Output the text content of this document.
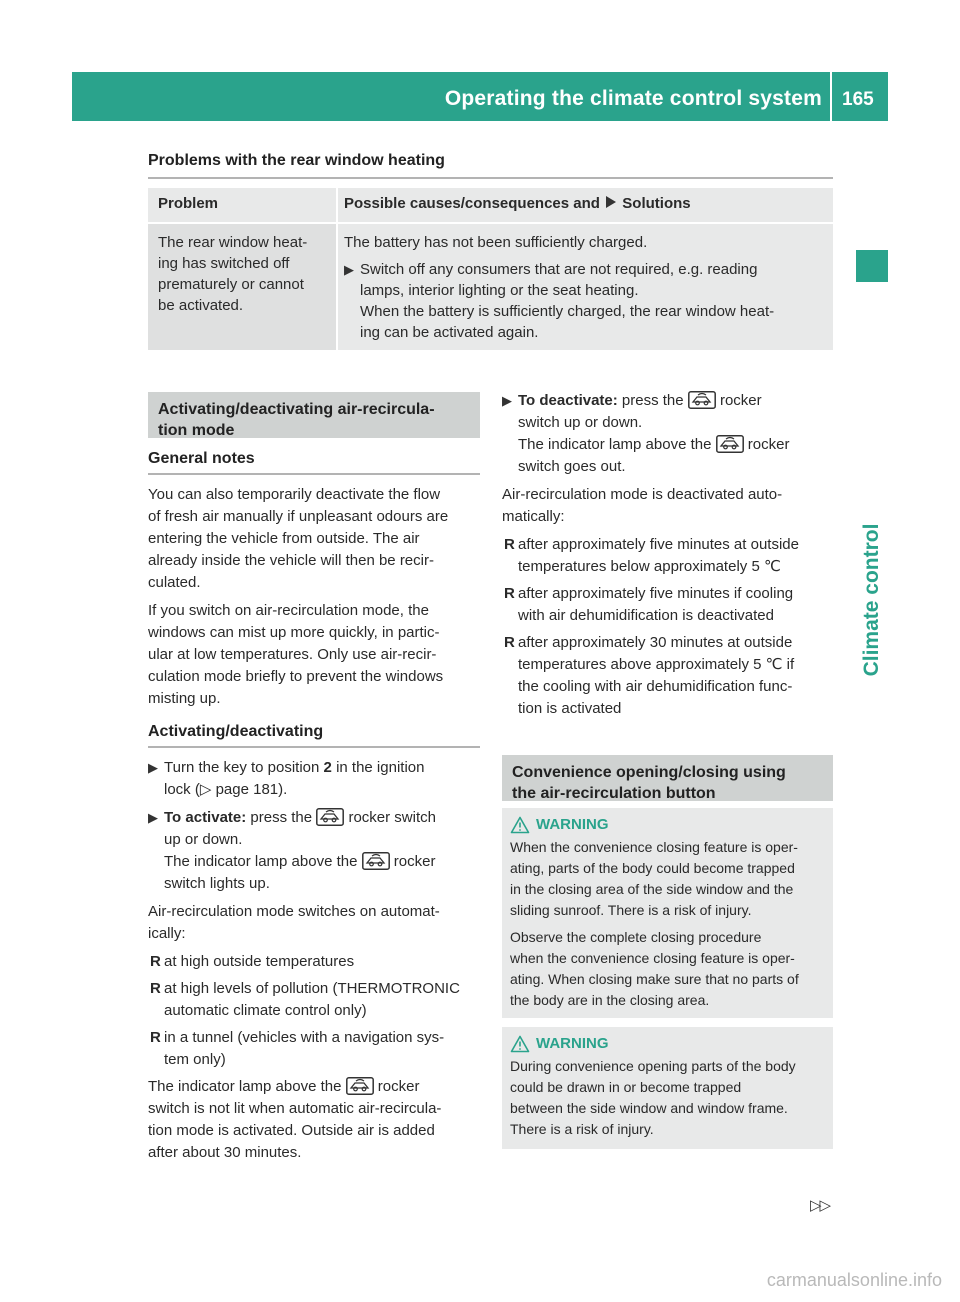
Operating the climate control system 165
Climate control
Problems with the rear window heating
Problem	Possible causes/consequences and Solutions
The rear window heat-
ing has switched off
prematurely or cannot
be activated.
The battery has not been sufficiently charged.
▶ Switch off any consumers that are not required, e.g. reading
lamps, interior lighting or the seat heating.
When the battery is sufficiently charged, the rear window heat-
ing can be activated again.
Activating/deactivating air-recircula-
tion mode
General notes

You can also temporarily deactivate the flow
of fresh air manually if unpleasant odours are
entering the vehicle from outside. The air
already inside the vehicle will then be recir-
culated.

If you switch on air-recirculation mode, the
windows can mist up more quickly, in partic-
ular at low temperatures. Only use air-recir-
culation mode briefly to prevent the windows
misting up.

Activating/deactivating
▶ Turn the key to position 2 in the ignition
lock (▷ page 181).
▶ To activate: press the rocker switch
up or down.
The indicator lamp above the rocker
switch lights up.

Air-recirculation mode switches on automat-
ically:

R at high outside temperatures
R at high levels of pollution (THERMOTRONIC
automatic climate control only)
R in a tunnel (vehicles with a navigation sys-
tem only)

The indicator lamp above the rocker
switch is not lit when automatic air-recircula-
tion mode is activated. Outside air is added
after about 30 minutes.

▶ To deactivate: press the rocker
switch up or down.
The indicator lamp above the rocker
switch goes out.

Air-recirculation mode is deactivated auto-
matically:

R after approximately five minutes at outside
temperatures below approximately 5 ℃
R after approximately five minutes if cooling
with air dehumidification is deactivated
R after approximately 30 minutes at outside
temperatures above approximately 5 ℃ if
the cooling with air dehumidification func-
tion is activated
Convenience opening/closing using
the air-recirculation button
WARNING

When the convenience closing feature is oper-
ating, parts of the body could become trapped
in the closing area of the side window and the
sliding sunroof. There is a risk of injury.

Observe the complete closing procedure
when the convenience closing feature is oper-
ating. When closing make sure that no parts of
the body are in the closing area.

WARNING

During convenience opening parts of the body
could be drawn in or become trapped
between the side window and window frame.
There is a risk of injury.

▷▷
carmanualsonline.info
